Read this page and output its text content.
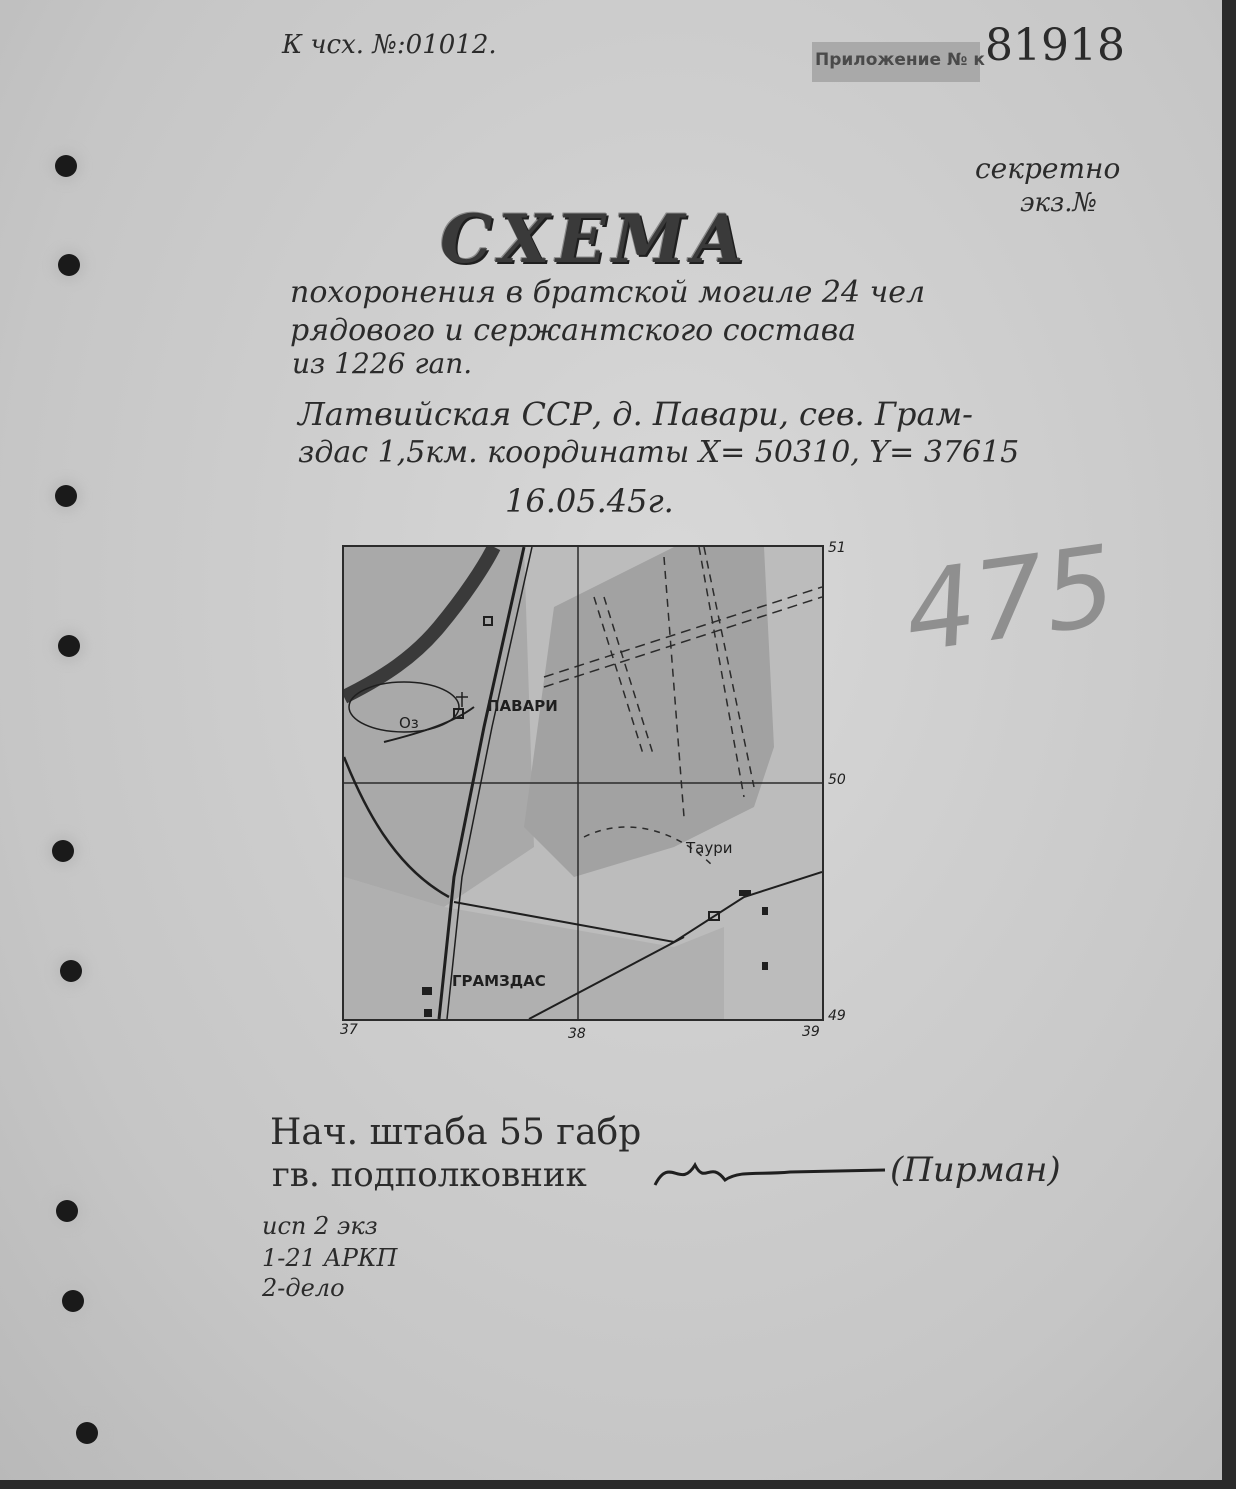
К чсх. №:01012.	Приложение № к 81918
секретно
экз.№
СХЕМА
похоронения в братской могиле 24 чел
рядового и сержантского состава
из 1226 гап.
Латвийская ССР, д. Павари, сев. Грам-
здас 1,5км. координаты X= 50310, Y= 37615
16.05.45г.
475
ПАВАРИ
Таури
ГРАМЗДАС
Оз
37	38	39
51
50
49
Нач. штаба 55 габр
гв. подполковник	(Пирман)
исп 2 экз
1-21 АРКП
2-дело
